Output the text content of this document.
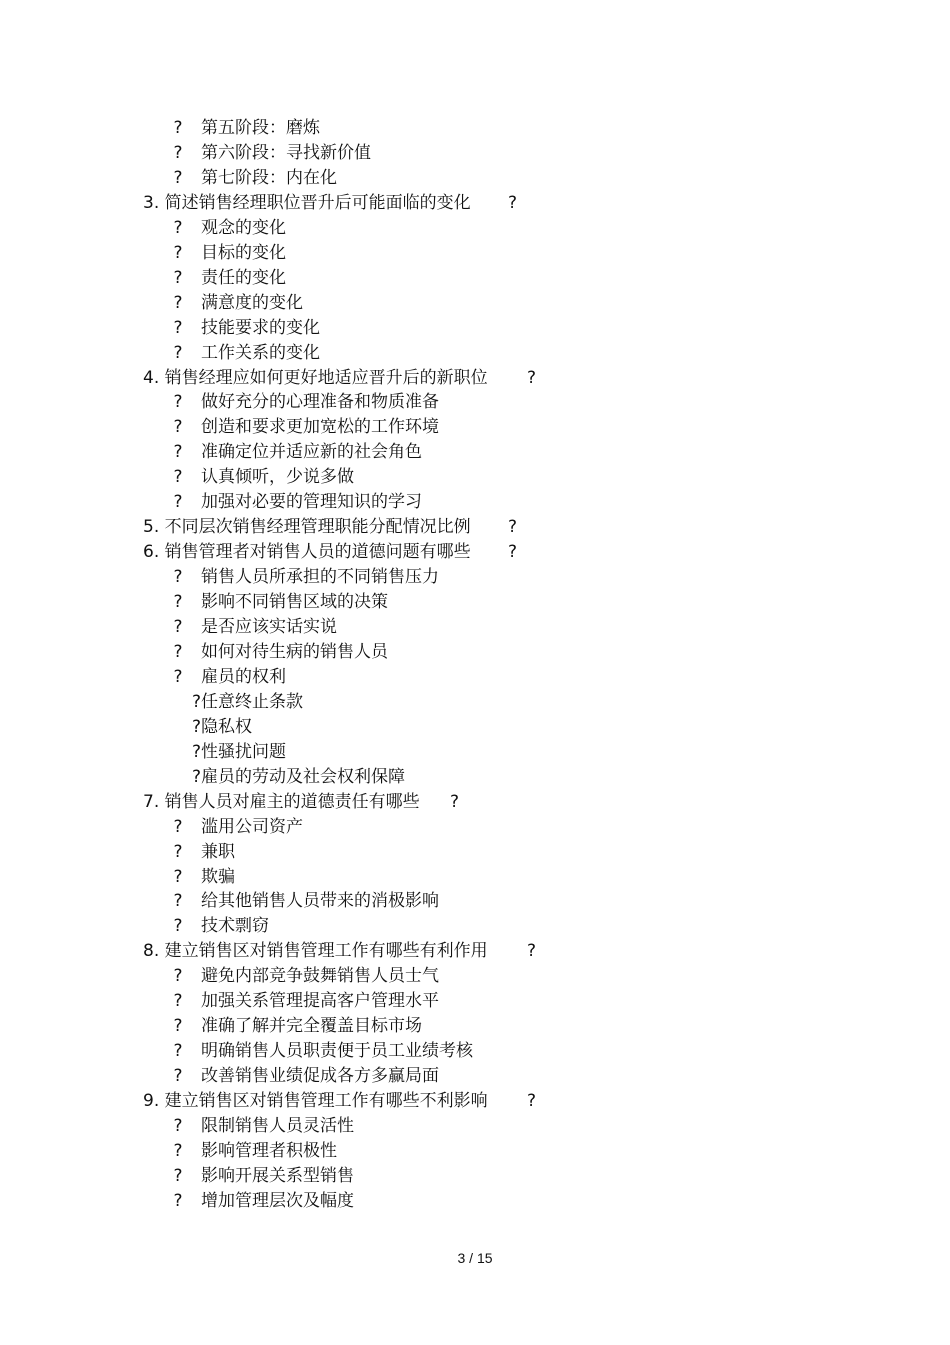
? 第五阶段：磨炼
? 第六阶段：寻找新价值
? 第七阶段：内在化
3. 简述销售经理职位晋升后可能面临的变化 ?
? 观念的变化
? 目标的变化
? 责任的变化
? 满意度的变化
? 技能要求的变化
? 工作关系的变化
4. 销售经理应如何更好地适应晋升后的新职位 ?
? 做好充分的心理准备和物质准备
? 创造和要求更加宽松的工作环境
? 准确定位并适应新的社会角色
? 认真倾听，少说多做
? 加强对必要的管理知识的学习
5. 不同层次销售经理管理职能分配情况比例 ?
6. 销售管理者对销售人员的道德问题有哪些 ?
? 销售人员所承担的不同销售压力
? 影响不同销售区域的决策
? 是否应该实话实说
? 如何对待生病的销售人员
? 雇员的权利
?任意终止条款
?隐私权
?性骚扰问题
?雇员的劳动及社会权利保障
7. 销售人员对雇主的道德责任有哪些 ?
? 滥用公司资产
? 兼职
? 欺骗
? 给其他销售人员带来的消极影响
? 技术剽窃
8. 建立销售区对销售管理工作有哪些有利作用 ?
? 避免内部竞争鼓舞销售人员士气
? 加强关系管理提高客户管理水平
? 准确了解并完全覆盖目标市场
? 明确销售人员职责便于员工业绩考核
? 改善销售业绩促成各方多赢局面
9. 建立销售区对销售管理工作有哪些不利影响 ?
? 限制销售人员灵活性
? 影响管理者积极性
? 影响开展关系型销售
? 增加管理层次及幅度
3 / 15
